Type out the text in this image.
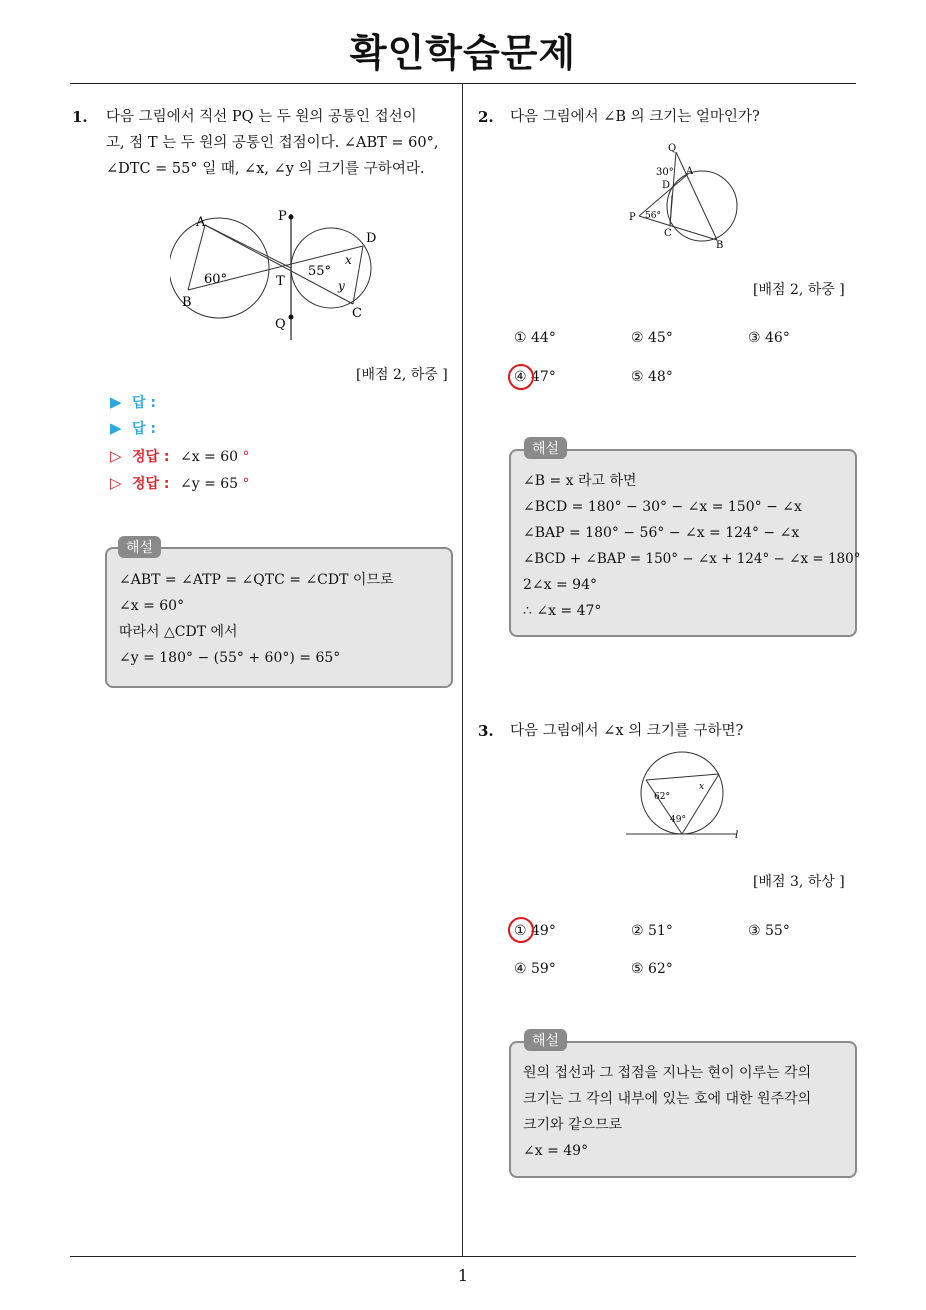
확인학습문제
1
1. 다음 그림에서 직선 PQ 는 두 원의 공통인 접선이
고, 점 T 는 두 원의 공통인 접점이다. ∠ABT = 60°,
∠DTC = 55° 일 때, ∠x, ∠y 의 크기를 구하여라.
A	P
D
60°
55°
x
y
T
B
C
Q
[배점 2, 하중 ]
▶ 답 :
▶ 답 :
▷ 정답 : ∠x = 60 °
▷ 정답 : ∠y = 65 °
∠ABT = ∠ATP = ∠QTC = ∠CDT 이므로
∠x = 60°
따라서 △CDT 에서
∠y = 180° − (55° + 60°) = 65°
해설
2. 다음 그림에서 ∠B 의 크기는 얼마인가?
Q
30° A
D
P 56°
C
B
[배점 2, 하중 ]
① 44°	② 45°	③ 46°
④ 47°	⑤ 48°
∠B = x 라고 하면
∠BCD = 180° − 30° − ∠x = 150° − ∠x
∠BAP = 180° − 56° − ∠x = 124° − ∠x
∠BCD + ∠BAP = 150° − ∠x + 124° − ∠x = 180°
2∠x = 94°
∴ ∠x = 47°
해설
3. 다음 그림에서 ∠x 의 크기를 구하면?
62°
x
49°
l
[배점 3, 하상 ]
① 49°	② 51°	③ 55°
④ 59°	⑤ 62°
원의 접선과 그 접점을 지나는 현이 이루는 각의
크기는 그 각의 내부에 있는 호에 대한 원주각의
크기와 같으므로
∠x = 49°
해설
